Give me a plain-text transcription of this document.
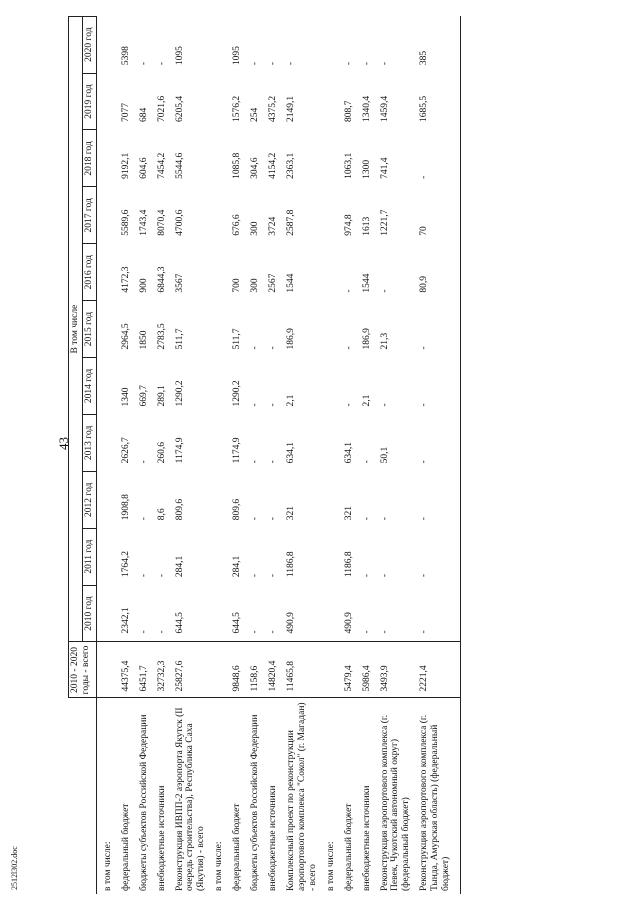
43
2512l302.doc
	2010 - 2020 годы - всего	В том числе										
		2010 год	2011 год	2012 год	2013 год	2014 год	2015 год	2016 год	2017 год	2018 год	2019 год	2020 год
в том числе:												
федеральный бюджет	44375,4	2342,1	1764,2	1908,8	2626,7	1340	2964,5	4172,3	5589,6	9192,1	7077	5398
бюджеты субъектов Российской Федерации	6451,7	-	-	-	-	669,7	1850	900	1743,4	604,6	684	-
внебюджетные источники	32732,3	-	-	8,6	260,6	289,1	2783,5	6844,3	8070,4	7454,2	7021,6	-
Реконструкция ИВПП-2 аэропорта Якутск (II очередь строительства), Республика Саха (Якутия) - всего	25827,6	644,5	284,1	809,6	1174,9	1290,2	511,7	3567	4700,6	5544,6	6205,4	1095
в том числе:												
федеральный бюджет	9848,6	644,5	284,1	809,6	1174,9	1290,2	511,7	700	676,6	1085,8	1576,2	1095
бюджеты субъектов Российской Федерации	1158,6	-	-	-	-	-	-	300	300	304,6	254	-
внебюджетные источники	14820,4	-	-	-	-	-	-	2567	3724	4154,2	4375,2	-
Комплексный проект по реконструкции аэропортового комплекса "Сокол" (г. Магадан) - всего	11465,8	490,9	1186,8	321	634,1	2,1	186,9	1544	2587,8	2363,1	2149,1	-
в том числе:												
федеральный бюджет	5479,4	490,9	1186,8	321	634,1	-	-	-	974,8	1063,1	808,7	-
внебюджетные источники	5986,4	-	-	-	-	2,1	186,9	1544	1613	1300	1340,4	-
Реконструкция аэропортового комплекса (г. Певек, Чукотский автономный округ) (федеральный бюджет)	3493,9	-	-	-	50,1	-	21,3	-	1221,7	741,4	1459,4	-
Реконструкция аэропортового комплекса (г. Тында, Амурская область) (федеральный бюджет)	2221,4	-	-	-	-	-	-	80,9	70	-	1685,5	385
